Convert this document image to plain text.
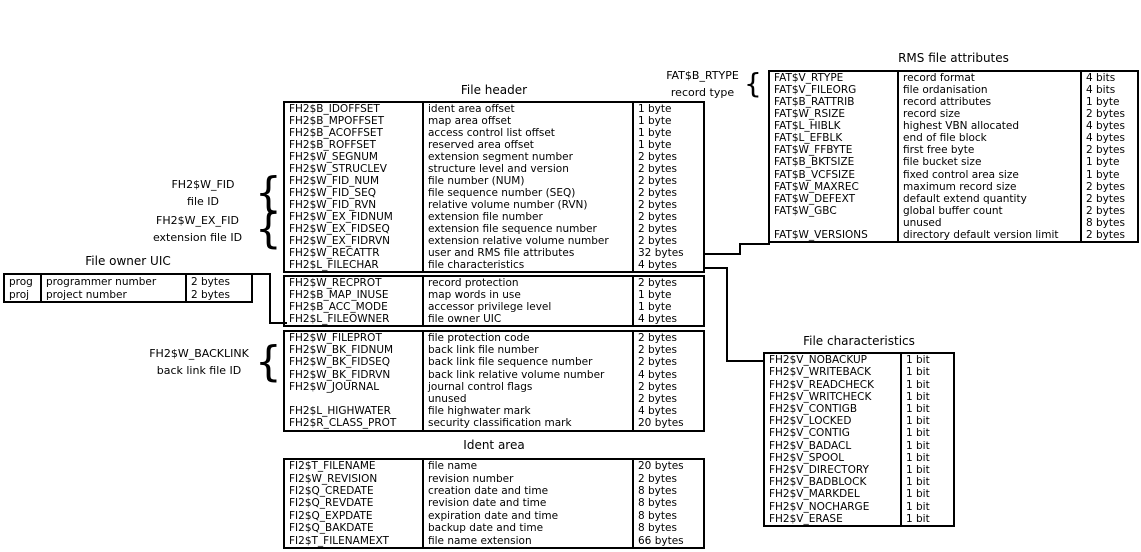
File header
Ident area
RMS file attributes
File characteristics
File owner UIC
FH2$B_IDOFFSET	ident area offset	1 byte
FH2$B_MPOFFSET	map area offset	1 byte
FH2$B_ACOFFSET	access control list offset	1 byte
FH2$B_ROFFSET	reserved area offset	1 byte
FH2$W_SEGNUM	extension segment number	2 bytes
FH2$W_STRUCLEV	structure level and version	2 bytes
FH2$W_FID_NUM	file number (NUM)	2 bytes
FH2$W_FID_SEQ	file sequence number (SEQ)	2 bytes
FH2$W_FID_RVN	relative volume number (RVN)	2 bytes
FH2$W_EX_FIDNUM	extension file number	2 bytes
FH2$W_EX_FIDSEQ	extension file sequence number	2 bytes
FH2$W_EX_FIDRVN	extension relative volume number	2 bytes
FH2$W_RECATTR	user and RMS file attributes	32 bytes
FH2$L_FILECHAR	file characteristics	4 bytes
FH2$W_RECPROT	record protection	2 bytes
FH2$B_MAP_INUSE	map words in use	1 byte
FH2$B_ACC_MODE	accessor privilege level	1 byte
FH2$L_FILEOWNER	file owner UIC	4 bytes
FH2$W_FILEPROT	file protection code	2 bytes
FH2$W_BK_FIDNUM	back link file number	2 bytes
FH2$W_BK_FIDSEQ	back link file sequence number	2 bytes
FH2$W_BK_FIDRVN	back link relative volume number	4 bytes
FH2$W_JOURNAL	journal control flags	2 bytes
unused	2 bytes
FH2$L_HIGHWATER	file highwater mark	4 bytes
FH2$R_CLASS_PROT	security classification mark	20 bytes
FI2$T_FILENAME	file name	20 bytes
FI2$W_REVISION	revision number	2 bytes
FI2$Q_CREDATE	creation date and time	8 bytes
FI2$Q_REVDATE	revision date and time	8 bytes
FI2$Q_EXPDATE	expiration date and time	8 bytes
FI2$Q_BAKDATE	backup date and time	8 bytes
FI2$T_FILENAMEXT	file name extension	66 bytes
FAT$V_RTYPE	record format	4 bits
FAT$V_FILEORG	file ordanisation	4 bits
FAT$B_RATTRIB	record attributes	1 byte
FAT$W_RSIZE	record size	2 bytes
FAT$L_HIBLK	highest VBN allocated	4 bytes
FAT$L_EFBLK	end of file block	4 bytes
FAT$W_FFBYTE	first free byte	2 bytes
FAT$B_BKTSIZE	file bucket size	1 byte
FAT$B_VCFSIZE	fixed control area size	1 byte
FAT$W_MAXREC	maximum record size	2 bytes
FAT$W_DEFEXT	default extend quantity	2 bytes
FAT$W_GBC	global buffer count	2 bytes
unused	8 bytes
FAT$W_VERSIONS	directory default version limit	2 bytes
FH2$V_NOBACKUP	1 bit
FH2$V_WRITEBACK	1 bit
FH2$V_READCHECK	1 bit
FH2$V_WRITCHECK	1 bit
FH2$V_CONTIGB	1 bit
FH2$V_LOCKED	1 bit
FH2$V_CONTIG	1 bit
FH2$V_BADACL	1 bit
FH2$V_SPOOL	1 bit
FH2$V_DIRECTORY	1 bit
FH2$V_BADBLOCK	1 bit
FH2$V_MARKDEL	1 bit
FH2$V_NOCHARGE	1 bit
FH2$V_ERASE	1 bit
prog	programmer number	2 bytes
proj	project number	2 bytes
FH2$W_FID
file ID {
FH2$W_EX_FID
extension file ID {
FH2$W_BACKLINK
back link file ID {
FAT$B_RTYPE
record type {
